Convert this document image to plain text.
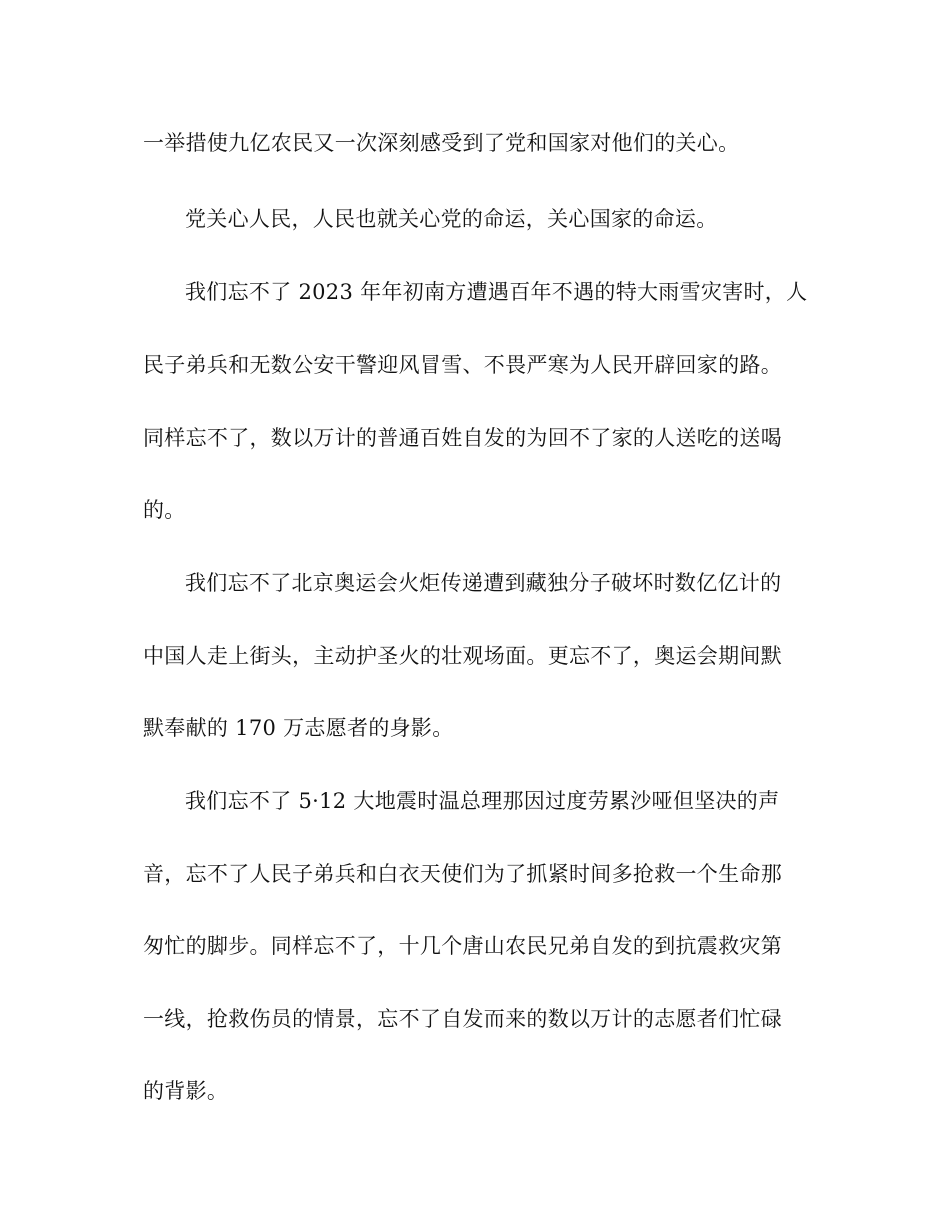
一举措使九亿农民又一次深刻感受到了党和国家对他们的关心。
党关心人民，人民也就关心党的命运，关心国家的命运。
我们忘不了 2023 年年初南方遭遇百年不遇的特大雨雪灾害时，人
民子弟兵和无数公安干警迎风冒雪、不畏严寒为人民开辟回家的路。
同样忘不了，数以万计的普通百姓自发的为回不了家的人送吃的送喝
的。
我们忘不了北京奥运会火炬传递遭到藏独分子破坏时数亿亿计的
中国人走上街头，主动护圣火的壮观场面。更忘不了，奥运会期间默
默奉献的 170 万志愿者的身影。
我们忘不了 5·12 大地震时温总理那因过度劳累沙哑但坚决的声
音，忘不了人民子弟兵和白衣天使们为了抓紧时间多抢救一个生命那
匆忙的脚步。同样忘不了，十几个唐山农民兄弟自发的到抗震救灾第
一线，抢救伤员的情景，忘不了自发而来的数以万计的志愿者们忙碌
的背影。
